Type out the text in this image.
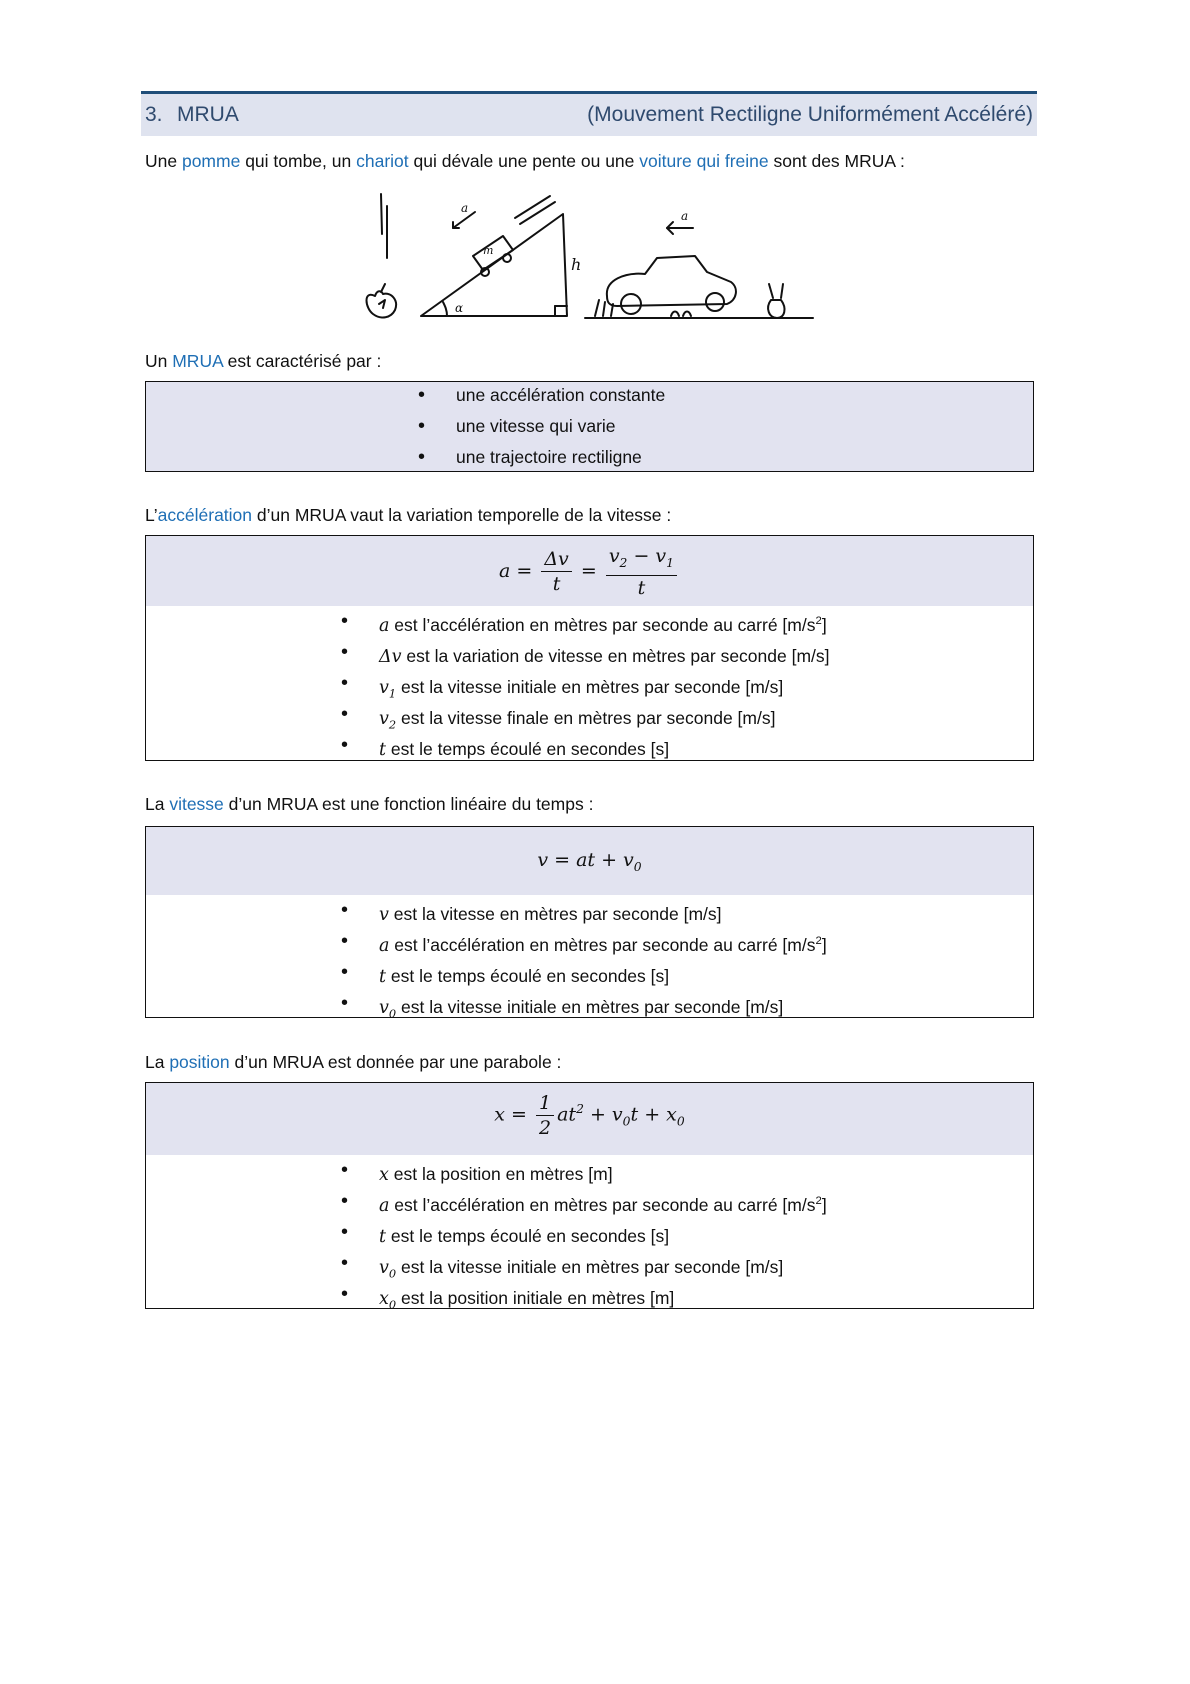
3. MRUA	(Mouvement Rectiligne Uniformément Accéléré)
Une pomme qui tombe, un chariot qui dévale une pente ou une voiture qui freine sont des MRUA :
α
m
a
h
a
Un MRUA est caractérisé par :
• une accélération constante
• une vitesse qui varie
• une trajectoire rectiligne
L’accélération d’un MRUA vaut la variation temporelle de la vitesse :
$a = \frac{\Delta v}{t} = \frac{v_2 - v_1}{t}$
• a est l’accélération en mètres par seconde au carré $[m/s^2]$
• Δv est la variation de vitesse en mètres par seconde [m/s]
• $v_1$ est la vitesse initiale en mètres par seconde [m/s]
• $v_2$ est la vitesse finale en mètres par seconde [m/s]
• t est le temps écoulé en secondes [s]
La vitesse d’un MRUA est une fonction linéaire du temps :
v = at + $v_0$
• v est la vitesse en mètres par seconde [m/s]
• a est l’accélération en mètres par seconde au carré $[m/s^2]$
• t est le temps écoulé en secondes [s]
• $v_0$ est la vitesse initiale en mètres par seconde [m/s]
La position d’un MRUA est donnée par une parabole :
$x = \frac{1}{2} at^2 + v_0t + x_0$
• x est la position en mètres [m]
• a est l’accélération en mètres par seconde au carré $[m/s^2]$
• t est le temps écoulé en secondes [s]
• $v_0$ est la vitesse initiale en mètres par seconde [m/s]
• $x_0$ est la position initiale en mètres [m]
